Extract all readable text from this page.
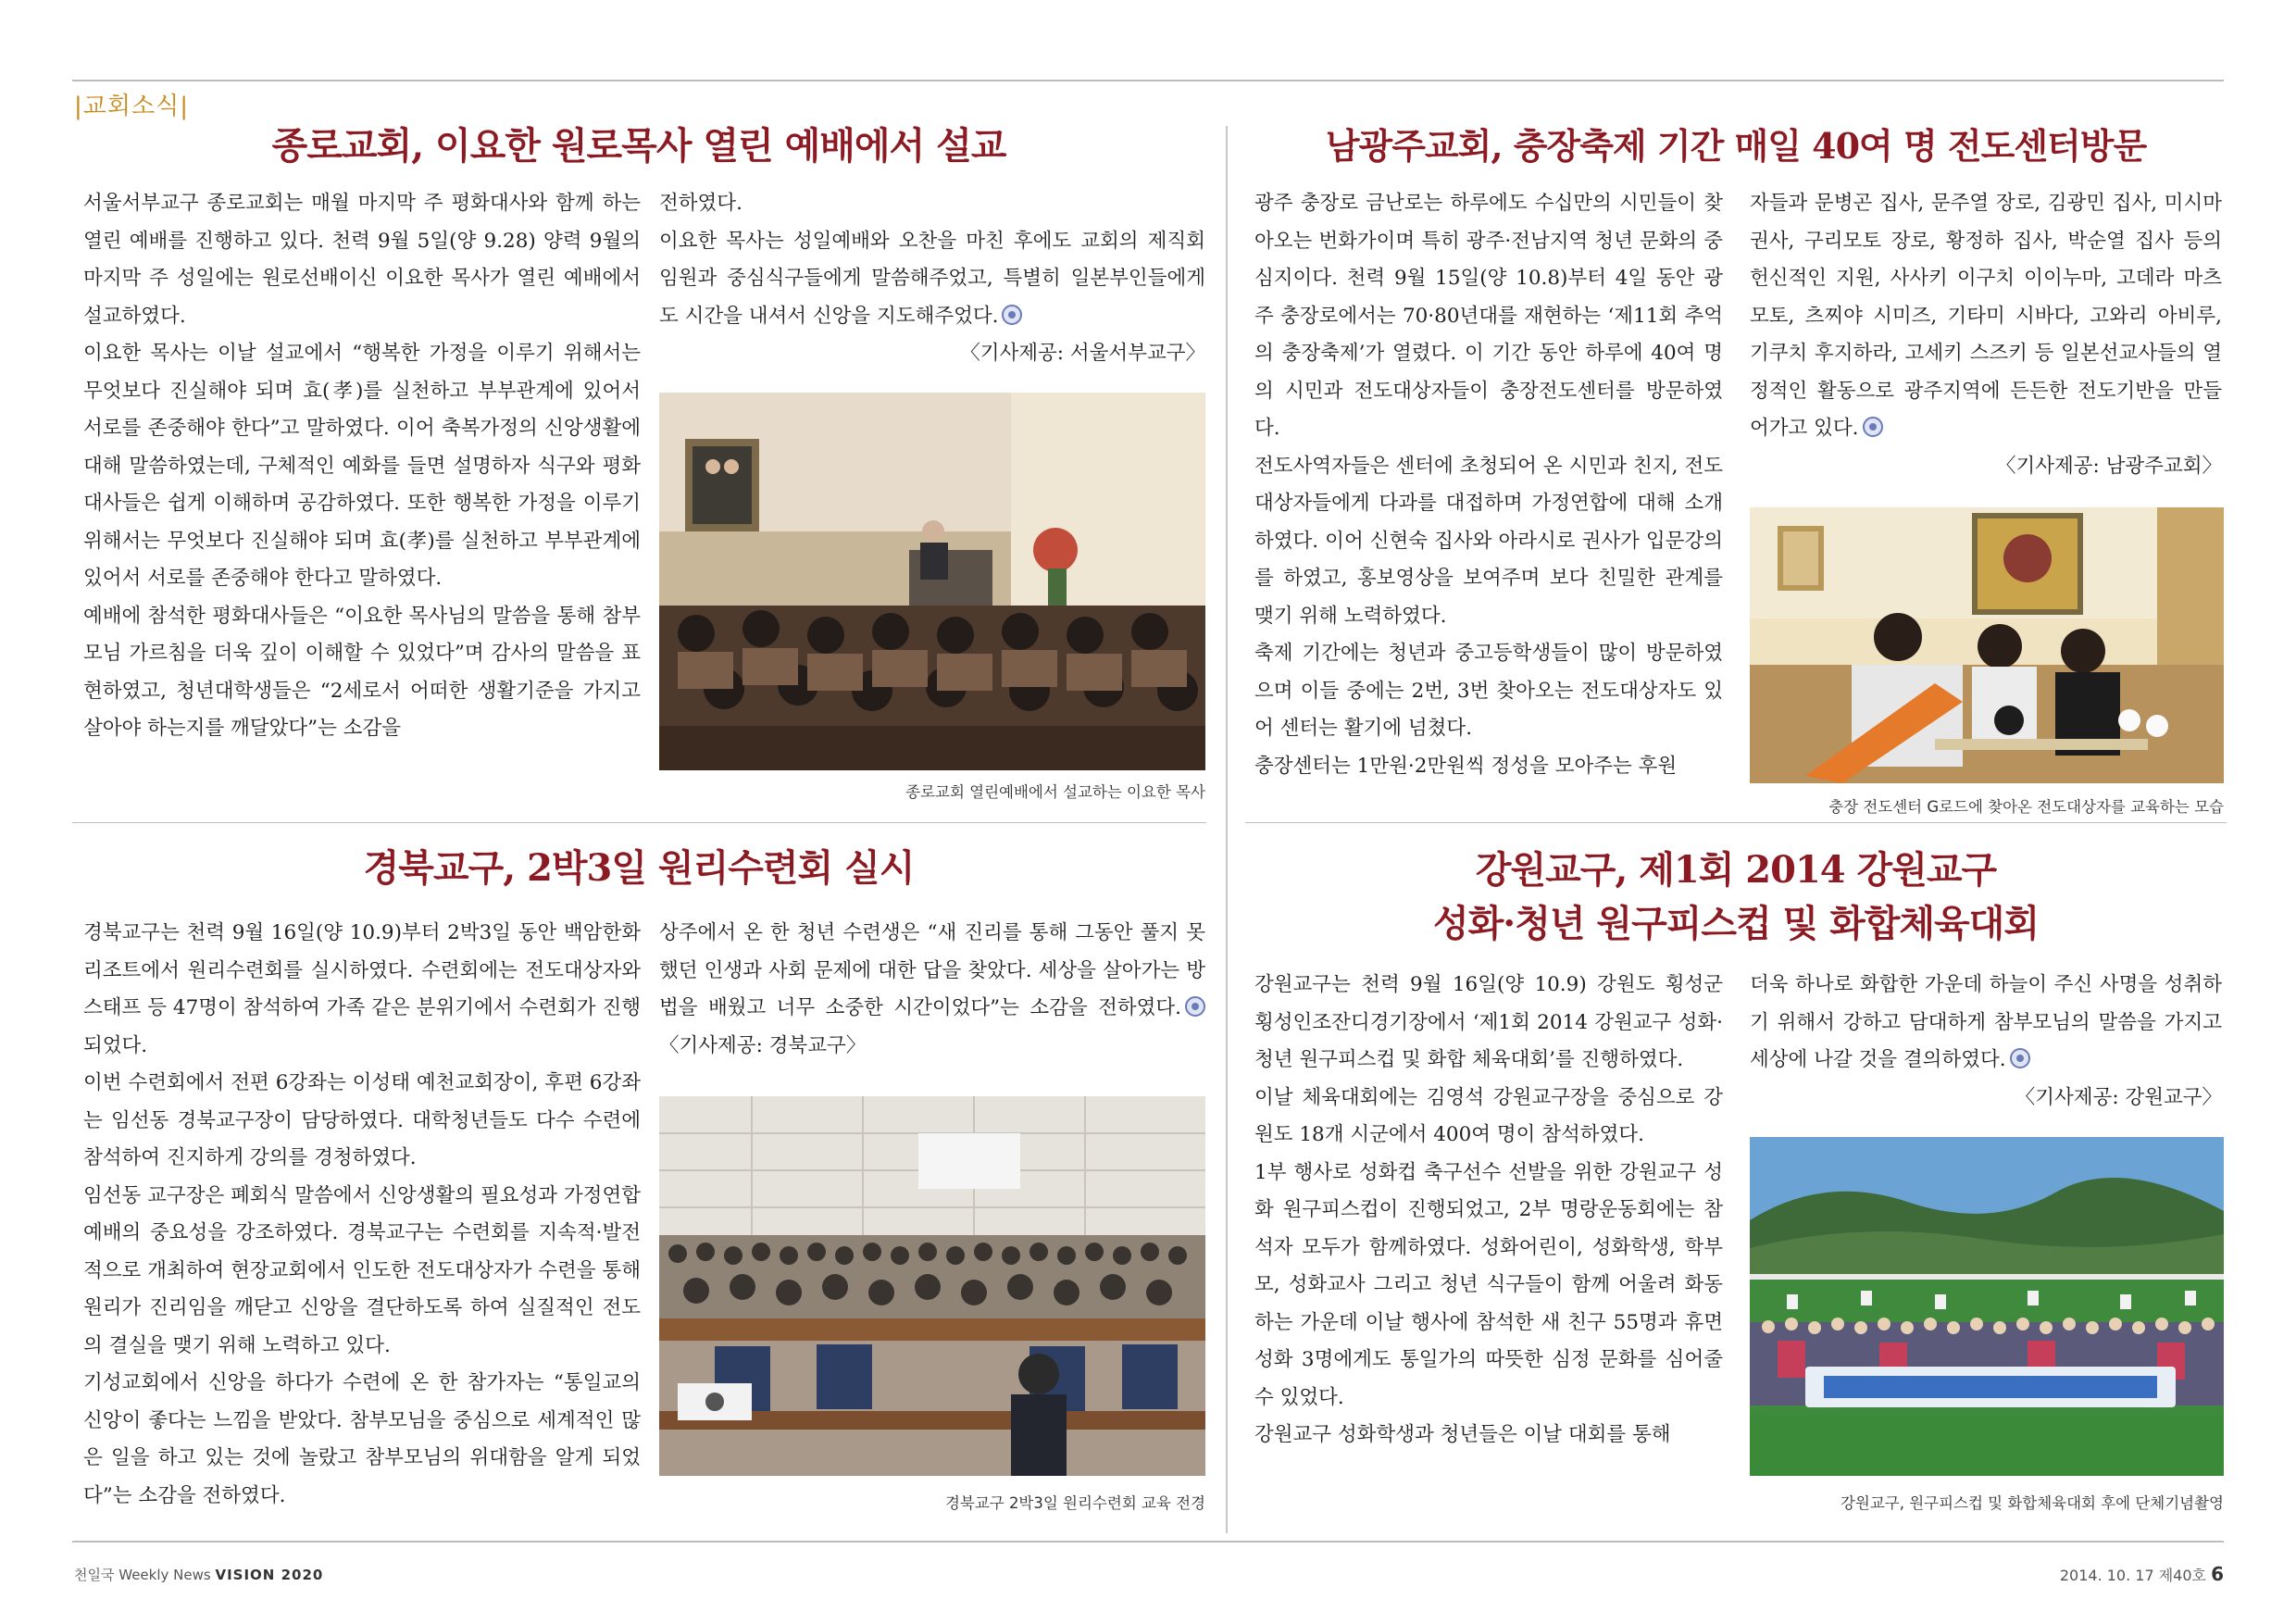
|교회소식|
종로교회, 이요한 원로목사 열린 예배에서 설교

서울서부교구 종로교회는 매월 마지막 주 평화대사와 함께 하는 열린 예배를 진행하고 있다. 천력 9월 5일(양 9.28) 양력 9월의 마지막 주 성일에는 원로선배이신 이요한 목사가 열린 예배에서 설교하였다.

이요한 목사는 이날 설교에서 “행복한 가정을 이루기 위해서는 무엇보다 진실해야 되며 효(孝)를 실천하고 부부관계에 있어서 서로를 존중해야 한다”고 말하였다. 이어 축복가정의 신앙생활에 대해 말씀하였는데, 구체적인 예화를 들면 설명하자 식구와 평화대사들은 쉽게 이해하며 공감하였다. 또한 행복한 가정을 이루기 위해서는 무엇보다 진실해야 되며 효(孝)를 실천하고 부부관계에 있어서 서로를 존중해야 한다고 말하였다.

예배에 참석한 평화대사들은 “이요한 목사님의 말씀을 통해 참부모님 가르침을 더욱 깊이 이해할 수 있었다”며 감사의 말씀을 표현하였고, 청년대학생들은 “2세로서 어떠한 생활기준을 가지고 살아야 하는지를 깨달았다”는 소감을

전하였다.

이요한 목사는 성일예배와 오찬을 마친 후에도 교회의 제직회 임원과 중심식구들에게 말씀해주었고, 특별히 일본부인들에게도 시간을 내셔서 신앙을 지도해주었다.

〈기사제공: 서울서부교구〉
종로교회 열린예배에서 설교하는 이요한 목사
남광주교회, 충장축제 기간 매일 40여 명 전도센터방문

광주 충장로 금난로는 하루에도 수십만의 시민들이 찾아오는 번화가이며 특히 광주·전남지역 청년 문화의 중심지이다. 천력 9월 15일(양 10.8)부터 4일 동안 광주 충장로에서는 70·80년대를 재현하는 ‘제11회 추억의 충장축제’가 열렸다. 이 기간 동안 하루에 40여 명의 시민과 전도대상자들이 충장전도센터를 방문하였다.

전도사역자들은 센터에 초청되어 온 시민과 친지, 전도대상자들에게 다과를 대접하며 가정연합에 대해 소개하였다. 이어 신현숙 집사와 아라시로 권사가 입문강의를 하였고, 홍보영상을 보여주며 보다 친밀한 관계를 맺기 위해 노력하였다.

축제 기간에는 청년과 중고등학생들이 많이 방문하였으며 이들 중에는 2번, 3번 찾아오는 전도대상자도 있어 센터는 활기에 넘쳤다.

충장센터는 1만원·2만원씩 정성을 모아주는 후원

자들과 문병곤 집사, 문주열 장로, 김광민 집사, 미시마 권사, 구리모토 장로, 황정하 집사, 박순열 집사 등의 헌신적인 지원, 사사키 이구치 이이누마, 고데라 마츠모토, 츠찌야 시미즈, 기타미 시바다, 고와리 아비루, 기쿠치 후지하라, 고세키 스즈키 등 일본선교사들의 열정적인 활동으로 광주지역에 든든한 전도기반을 만들어가고 있다.

〈기사제공: 남광주교회〉
충장 전도센터 G로드에 찾아온 전도대상자를 교육하는 모습
경북교구, 2박3일 원리수련회 실시

경북교구는 천력 9월 16일(양 10.9)부터 2박3일 동안 백암한화리조트에서 원리수련회를 실시하였다. 수련회에는 전도대상자와 스태프 등 47명이 참석하여 가족 같은 분위기에서 수련회가 진행되었다.

이번 수련회에서 전편 6강좌는 이성태 예천교회장이, 후편 6강좌는 임선동 경북교구장이 담당하였다. 대학청년들도 다수 수련에 참석하여 진지하게 강의를 경청하였다.

임선동 교구장은 폐회식 말씀에서 신앙생활의 필요성과 가정연합 예배의 중요성을 강조하였다. 경북교구는 수련회를 지속적·발전적으로 개최하여 현장교회에서 인도한 전도대상자가 수련을 통해 원리가 진리임을 깨닫고 신앙을 결단하도록 하여 실질적인 전도의 결실을 맺기 위해 노력하고 있다.

기성교회에서 신앙을 하다가 수련에 온 한 참가자는 “통일교의 신앙이 좋다는 느낌을 받았다. 참부모님을 중심으로 세계적인 많은 일을 하고 있는 것에 놀랐고 참부모님의 위대함을 알게 되었다”는 소감을 전하였다.

상주에서 온 한 청년 수련생은 “새 진리를 통해 그동안 풀지 못했던 인생과 사회 문제에 대한 답을 찾았다. 세상을 살아가는 방법을 배웠고 너무 소중한 시간이었다”는 소감을 전하였다.〈기사제공: 경북교구〉

경북교구 2박3일 원리수련회 교육 전경
강원교구, 제1회 2014 강원교구
성화·청년 원구피스컵 및 화합체육대회

강원교구는 천력 9월 16일(양 10.9) 강원도 횡성군 횡성인조잔디경기장에서 ‘제1회 2014 강원교구 성화·청년 원구피스컵 및 화합 체육대회’를 진행하였다.

이날 체육대회에는 김영석 강원교구장을 중심으로 강원도 18개 시군에서 400여 명이 참석하였다.

1부 행사로 성화컵 축구선수 선발을 위한 강원교구 성화 원구피스컵이 진행되었고, 2부 명랑운동회에는 참석자 모두가 함께하였다. 성화어린이, 성화학생, 학부모, 성화교사 그리고 청년 식구들이 함께 어울려 화동하는 가운데 이날 행사에 참석한 새 친구 55명과 휴면성화 3명에게도 통일가의 따뜻한 심정 문화를 심어줄 수 있었다.

강원교구 성화학생과 청년들은 이날 대회를 통해

더욱 하나로 화합한 가운데 하늘이 주신 사명을 성취하기 위해서 강하고 담대하게 참부모님의 말씀을 가지고 세상에 나갈 것을 결의하였다.

〈기사제공: 강원교구〉
강원교구, 원구피스컵 및 화합체육대회 후에 단체기념촬영
천일국 Weekly News VISION 2020	2014. 10. 17 제40호 6
